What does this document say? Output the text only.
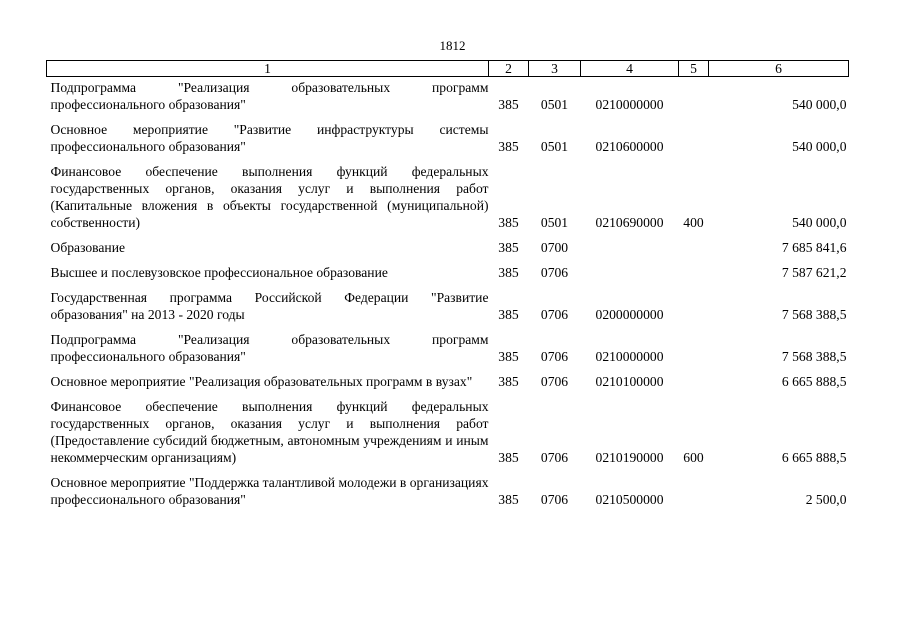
1812
1	2	3	4	5	6
Подпрограмма "Реализация образовательных программ профессионального образования"	385	0501	0210000000		540 000,0
Основное мероприятие "Развитие инфраструктуры системы профессионального образования"	385	0501	0210600000		540 000,0
Финансовое обеспечение выполнения функций федеральных государственных органов, оказания услуг и выполнения работ (Капитальные вложения в объекты государственной (муниципальной) собственности)	385	0501	0210690000	400	540 000,0
Образование	385	0700			7 685 841,6
Высшее и послевузовское профессиональное образование	385	0706			7 587 621,2
Государственная программа Российской Федерации "Развитие образования" на 2013 - 2020 годы	385	0706	0200000000		7 568 388,5
Подпрограмма "Реализация образовательных программ профессионального образования"	385	0706	0210000000		7 568 388,5
Основное мероприятие "Реализация образовательных программ в вузах"	385	0706	0210100000		6 665 888,5
Финансовое обеспечение выполнения функций федеральных государственных органов, оказания услуг и выполнения работ (Предоставление субсидий бюджетным, автономным учреждениям и иным некоммерческим организациям)	385	0706	0210190000	600	6 665 888,5
Основное мероприятие "Поддержка талантливой молодежи в организациях профессионального образования"	385	0706	0210500000		2 500,0
